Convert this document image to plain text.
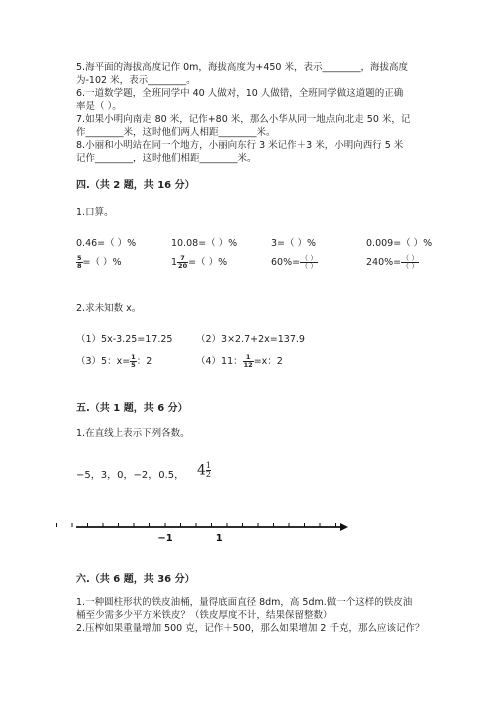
5.海平面的海拔高度记作 0m，海拔高度为+450 米，表示________，海拔高度
为-102 米，表示________。
6.一道数学题，全班同学中 40 人做对，10 人做错，全班同学做这道题的正确
率是（ ）。
7.如果小明向南走 80 米，记作+80 米，那么小华从同一地点向北走 50 米，记
作________米，这时他们两人相距________米。
8.小丽和小明站在同一个地方，小丽向东行 3 米记作＋3 米，小明向西行 5 米
记作________，这时他们相距________米。
四.（共 2 题，共 16 分）
1.口算。
0.46=（ ）%	10.08=（ ）%	3=（ ）%	0.009=（ ）%
$\frac{5}{8}$ =（ ）%	$1 \frac{7}{20}$ =（ ）%	$60\%= \frac{( )}{( )}$	$240\%= \frac{( )}{( )}$
2.求未知数 x。
（1）5x-3.25=17.25 （2）3×2.7+2x=137.9
（3）5：$x= \frac{1}{5}$ ：2	（4）11： $\frac{1}{12} =x$：2
五.（共 1 题，共 6 分）
1.在直线上表示下列各数。
−5，3，0，−2，0.5， $4 \frac{1}{2}$
−1	1
六.（共 6 题，共 36 分）
1.一种圆柱形状的铁皮油桶，量得底面直径 8dm，高 5dm.做一个这样的铁皮油
桶至少需多少平方米铁皮？（铁皮厚度不计，结果保留整数）
2.压榨如果重量增加 500 克，记作＋500，那么如果增加 2 千克，那么应该记作？
